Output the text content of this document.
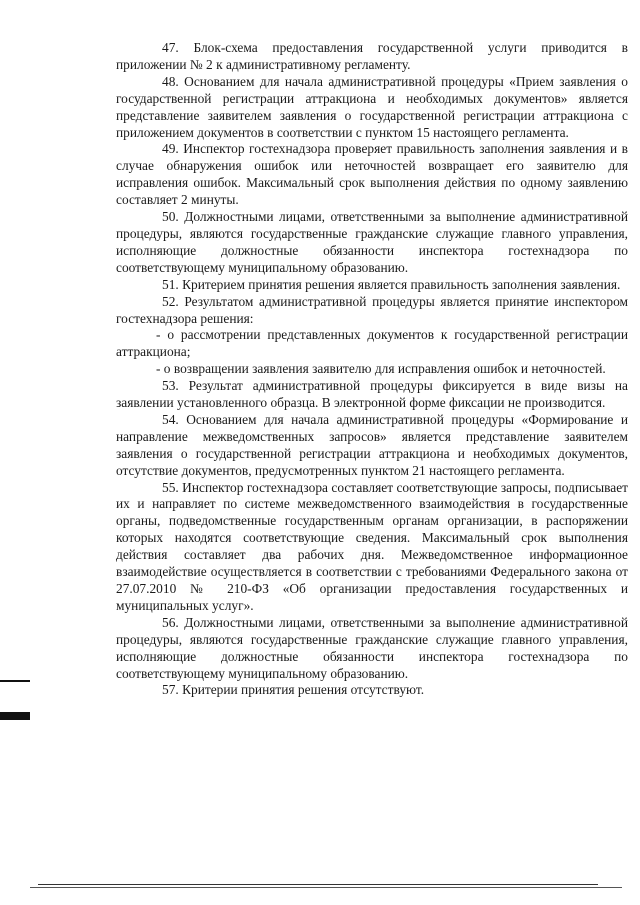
47. Блок-схема предоставления государственной услуги приводится в приложении № 2 к административному регламенту.

48. Основанием для начала административной процедуры «Прием заявления о государственной регистрации аттракциона и необходимых документов» является представление заявителем заявления о государственной регистрации аттракциона с приложением документов в соответствии с пунктом 15 настоящего регламента.

49. Инспектор гостехнадзора проверяет правильность заполнения заявления и в случае обнаружения ошибок или неточностей возвращает его заявителю для исправления ошибок. Максимальный срок выполнения действия по одному заявлению составляет 2 минуты.

50. Должностными лицами, ответственными за выполнение административной процедуры, являются государственные гражданские служащие главного управления, исполняющие должностные обязанности инспектора гостехнадзора по соответствующему муниципальному образованию.

51. Критерием принятия решения является правильность заполнения заявления.

52. Результатом административной процедуры является принятие инспектором гостехнадзора решения:

- о рассмотрении представленных документов к государственной регистрации аттракциона;

- о возвращении заявления заявителю для исправления ошибок и неточностей.

53. Результат административной процедуры фиксируется в виде визы на заявлении установленного образца. В электронной форме фиксации не производится.

54. Основанием для начала административной процедуры «Формирование и направление межведомственных запросов» является представление заявителем заявления о государственной регистрации аттракциона и необходимых документов, отсутствие документов, предусмотренных пунктом 21 настоящего регламента.

55. Инспектор гостехнадзора составляет соответствующие запросы, подписывает их и направляет по системе межведомственного взаимодействия в государственные органы, подведомственные государственным органам организации, в распоряжении которых находятся соответствующие сведения. Максимальный срок выполнения действия составляет два рабочих дня. Межведомственное информационное взаимодействие осуществляется в соответствии с требованиями Федерального закона от 27.07.2010 № 210-ФЗ «Об организации предоставления государственных и муниципальных услуг».

56. Должностными лицами, ответственными за выполнение административной процедуры, являются государственные гражданские служащие главного управления, исполняющие должностные обязанности инспектора гостехнадзора по соответствующему муниципальному образованию.

57. Критерии принятия решения отсутствуют.
